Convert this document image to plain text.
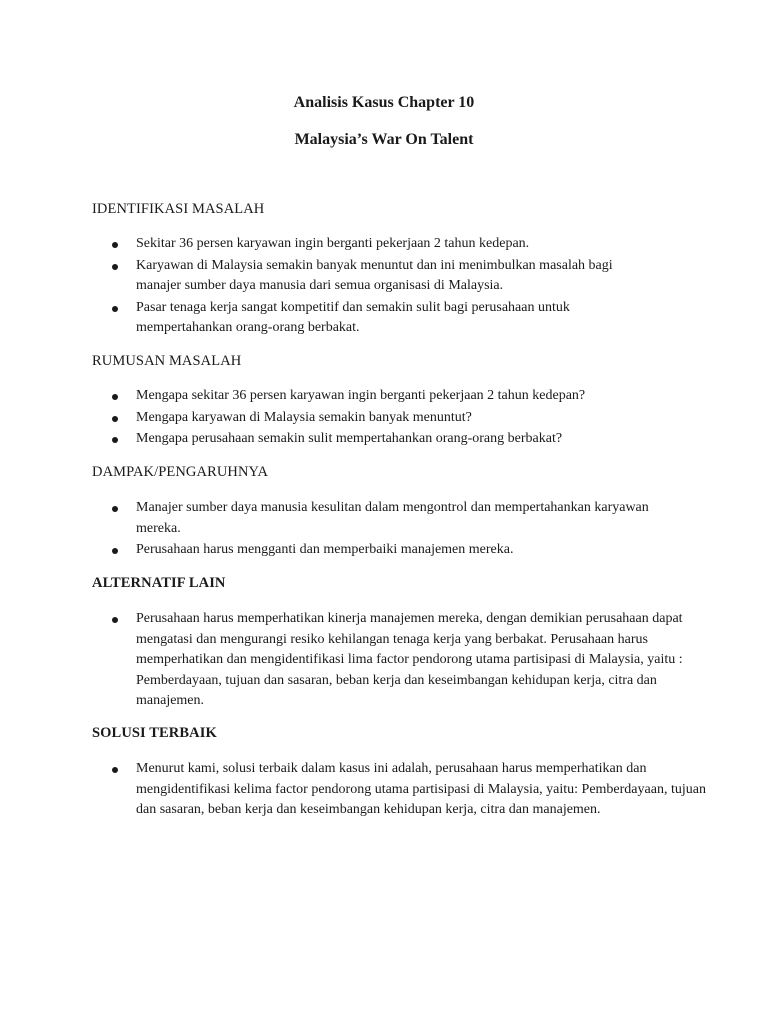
Analisis Kasus Chapter 10
Malaysia’s War On Talent
IDENTIFIKASI MASALAH
Sekitar 36 persen karyawan ingin berganti pekerjaan 2 tahun kedepan.
Karyawan di Malaysia semakin banyak menuntut dan ini menimbulkan masalah bagi manajer sumber daya manusia dari semua organisasi di Malaysia.
Pasar tenaga kerja sangat kompetitif dan semakin sulit bagi perusahaan untuk mempertahankan orang-orang berbakat.
RUMUSAN MASALAH
Mengapa sekitar 36 persen karyawan ingin berganti pekerjaan 2 tahun kedepan?
Mengapa karyawan di Malaysia semakin banyak menuntut?
Mengapa perusahaan semakin sulit mempertahankan orang-orang berbakat?
DAMPAK/PENGARUHNYA
Manajer sumber daya manusia kesulitan dalam mengontrol dan mempertahankan karyawan mereka.
Perusahaan harus mengganti dan memperbaiki manajemen mereka.
ALTERNATIF LAIN
Perusahaan harus memperhatikan kinerja manajemen mereka, dengan demikian perusahaan dapat mengatasi dan mengurangi resiko kehilangan tenaga kerja yang berbakat. Perusahaan harus memperhatikan dan mengidentifikasi lima factor pendorong utama partisipasi di Malaysia, yaitu : Pemberdayaan, tujuan dan sasaran, beban kerja dan keseimbangan kehidupan kerja, citra dan manajemen.
SOLUSI TERBAIK
Menurut kami, solusi terbaik dalam kasus ini adalah, perusahaan harus memperhatikan dan mengidentifikasi kelima factor pendorong utama partisipasi di Malaysia, yaitu: Pemberdayaan, tujuan dan sasaran, beban kerja dan keseimbangan kehidupan kerja, citra dan manajemen.
